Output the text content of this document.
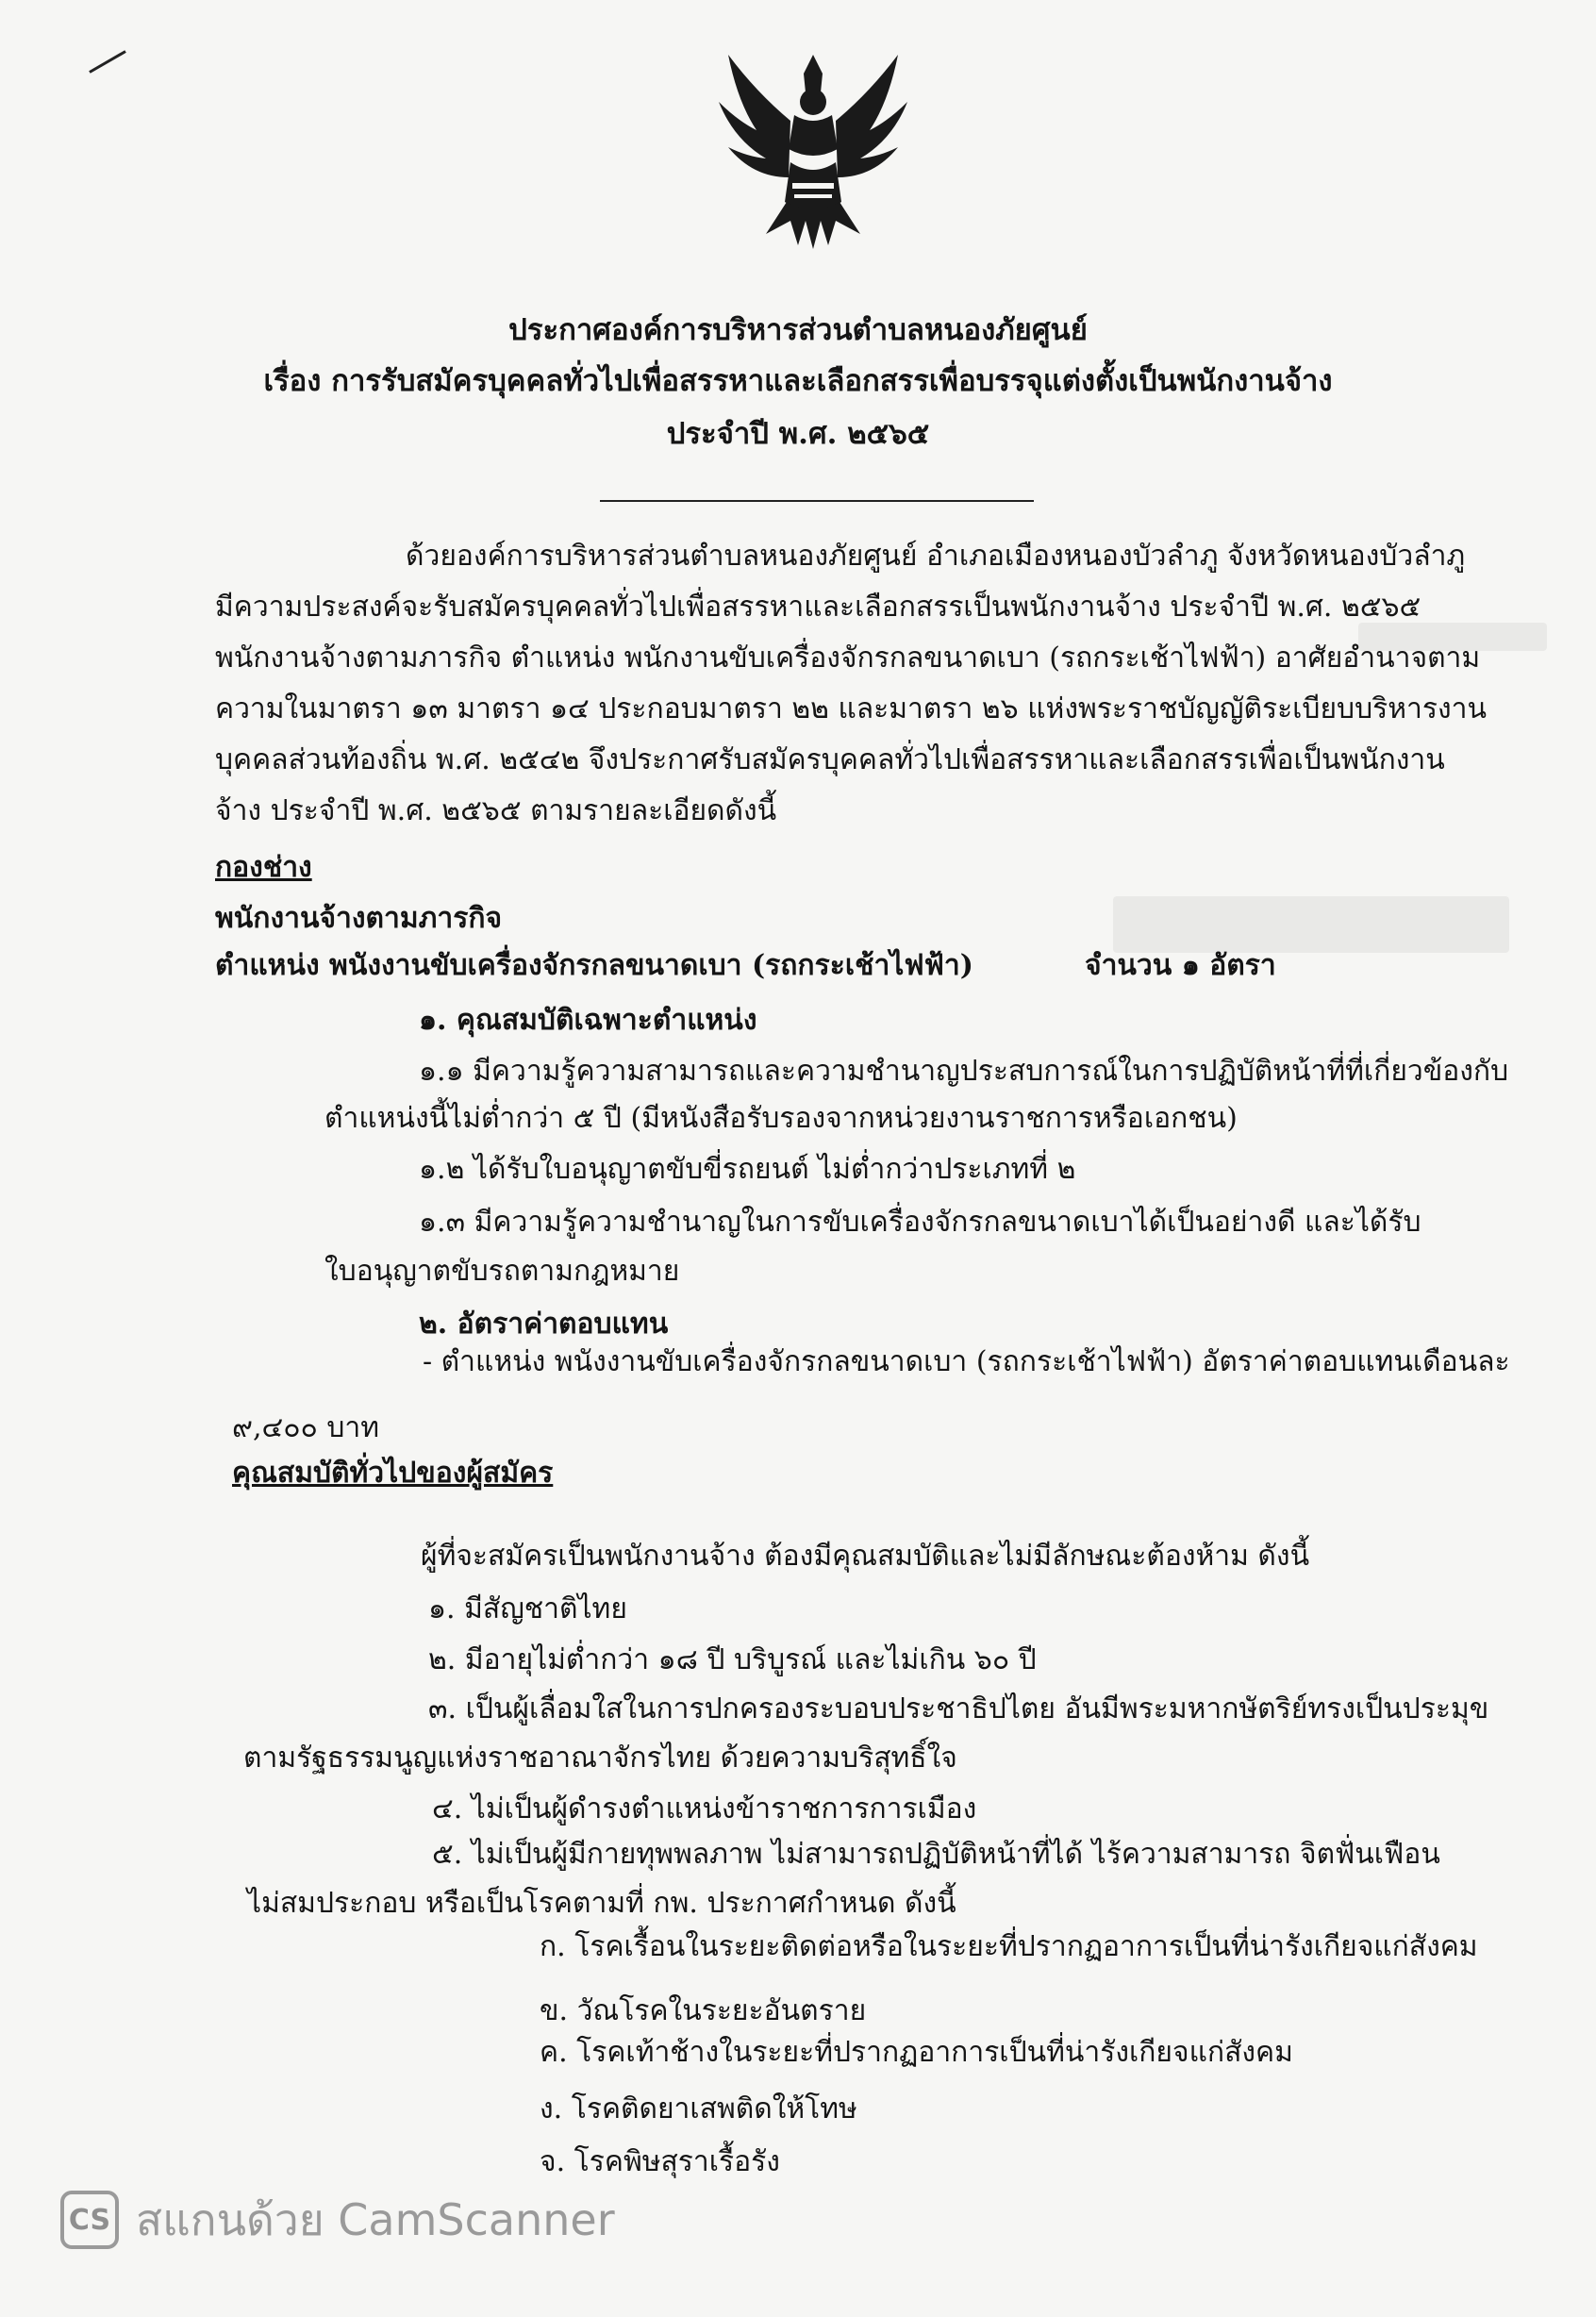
ประกาศองค์การบริหารส่วนตำบลหนองภัยศูนย์
เรื่อง การรับสมัครบุคคลทั่วไปเพื่อสรรหาและเลือกสรรเพื่อบรรจุแต่งตั้งเป็นพนักงานจ้าง
ประจำปี พ.ศ. ๒๕๖๕
ด้วยองค์การบริหารส่วนตำบลหนองภัยศูนย์ อำเภอเมืองหนองบัวลำภู จังหวัดหนองบัวลำภู
มีความประสงค์จะรับสมัครบุคคลทั่วไปเพื่อสรรหาและเลือกสรรเป็นพนักงานจ้าง ประจำปี พ.ศ. ๒๕๖๕
พนักงานจ้างตามภารกิจ ตำแหน่ง พนักงานขับเครื่องจักรกลขนาดเบา (รถกระเช้าไฟฟ้า) อาศัยอำนาจตาม
ความในมาตรา ๑๓ มาตรา ๑๔ ประกอบมาตรา ๒๒ และมาตรา ๒๖ แห่งพระราชบัญญัติระเบียบบริหารงาน
บุคคลส่วนท้องถิ่น พ.ศ. ๒๕๔๒ จึงประกาศรับสมัครบุคคลทั่วไปเพื่อสรรหาและเลือกสรรเพื่อเป็นพนักงาน
จ้าง ประจำปี พ.ศ. ๒๕๖๕ ตามรายละเอียดดังนี้
กองช่าง
พนักงานจ้างตามภารกิจ
ตำแหน่ง พนังงานขับเครื่องจักรกลขนาดเบา (รถกระเช้าไฟฟ้า)	จำนวน ๑ อัตรา
๑. คุณสมบัติเฉพาะตำแหน่ง
๑.๑ มีความรู้ความสามารถและความชำนาญประสบการณ์ในการปฏิบัติหน้าที่ที่เกี่ยวข้องกับ
ตำแหน่งนี้ไม่ต่ำกว่า ๕ ปี (มีหนังสือรับรองจากหน่วยงานราชการหรือเอกชน)
๑.๒ ได้รับใบอนุญาตขับขี่รถยนต์ ไม่ต่ำกว่าประเภทที่ ๒
๑.๓ มีความรู้ความชำนาญในการขับเครื่องจักรกลขนาดเบาได้เป็นอย่างดี และได้รับ
ใบอนุญาตขับรถตามกฎหมาย
๒. อัตราค่าตอบแทน
- ตำแหน่ง พนังงานขับเครื่องจักรกลขนาดเบา (รถกระเช้าไฟฟ้า) อัตราค่าตอบแทนเดือนละ
๙,๔๐๐ บาท
คุณสมบัติทั่วไปของผู้สมัคร
ผู้ที่จะสมัครเป็นพนักงานจ้าง ต้องมีคุณสมบัติและไม่มีลักษณะต้องห้าม ดังนี้
๑. มีสัญชาติไทย
๒. มีอายุไม่ต่ำกว่า ๑๘ ปี บริบูรณ์ และไม่เกิน ๖๐ ปี
๓. เป็นผู้เลื่อมใสในการปกครองระบอบประชาธิปไตย อันมีพระมหากษัตริย์ทรงเป็นประมุข
ตามรัฐธรรมนูญแห่งราชอาณาจักรไทย ด้วยความบริสุทธิ์ใจ
๔. ไม่เป็นผู้ดำรงตำแหน่งข้าราชการการเมือง
๕. ไม่เป็นผู้มีกายทุพพลภาพ ไม่สามารถปฏิบัติหน้าที่ได้ ไร้ความสามารถ จิตฟั่นเฟือน
ไม่สมประกอบ หรือเป็นโรคตามที่ กพ. ประกาศกำหนด ดังนี้
ก. โรคเรื้อนในระยะติดต่อหรือในระยะที่ปรากฏอาการเป็นที่น่ารังเกียจแก่สังคม
ข. วัณโรคในระยะอันตราย
ค. โรคเท้าช้างในระยะที่ปรากฏอาการเป็นที่น่ารังเกียจแก่สังคม
ง. โรคติดยาเสพติดให้โทษ
จ. โรคพิษสุราเรื้อรัง
CS สแกนด้วย CamScanner
